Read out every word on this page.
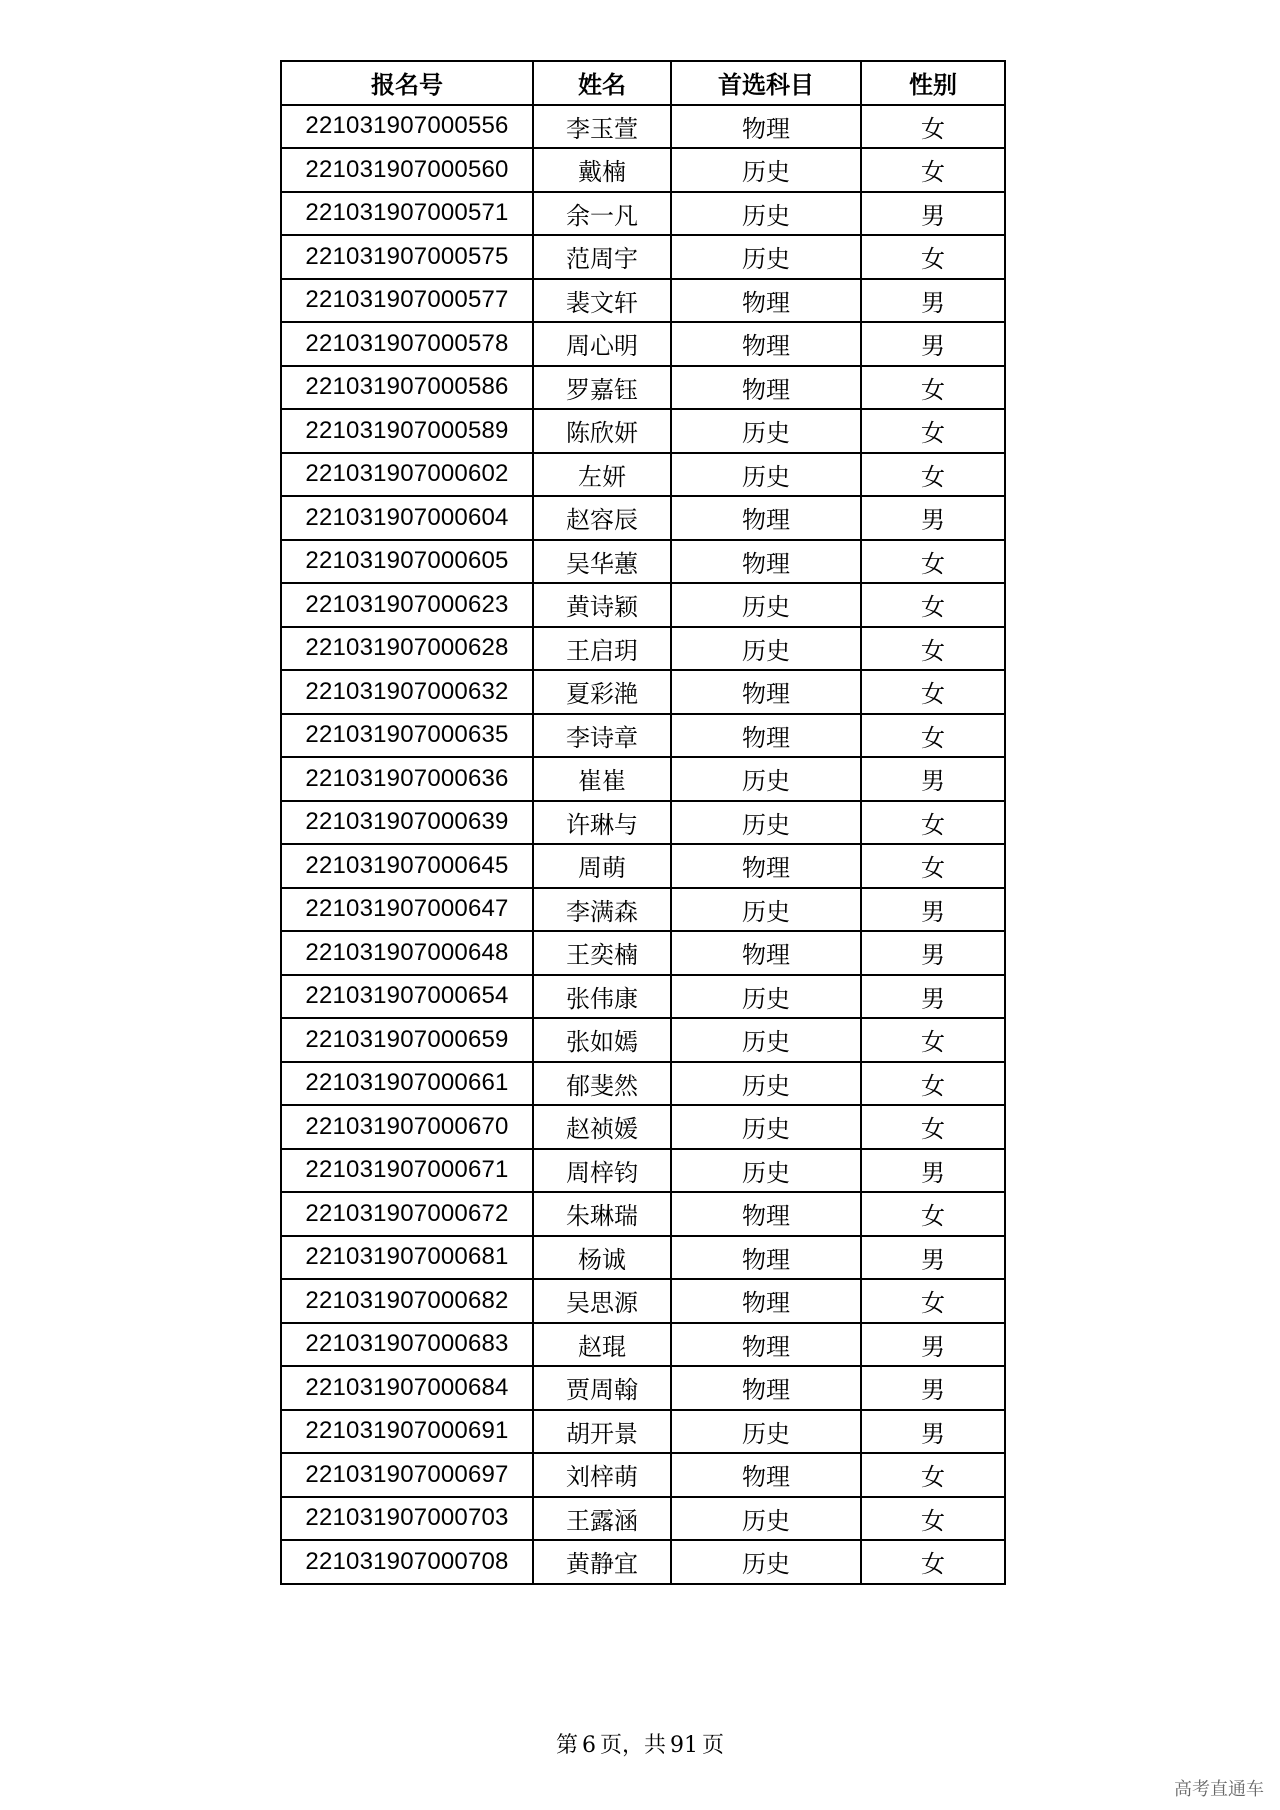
报名号	姓名	首选科目	性别
221031907000556	李玉萱	物理	女
221031907000560	戴楠	历史	女
221031907000571	余一凡	历史	男
221031907000575	范周宇	历史	女
221031907000577	裴文轩	物理	男
221031907000578	周心明	物理	男
221031907000586	罗嘉钰	物理	女
221031907000589	陈欣妍	历史	女
221031907000602	左妍	历史	女
221031907000604	赵容辰	物理	男
221031907000605	吴华蕙	物理	女
221031907000623	黄诗颖	历史	女
221031907000628	王启玥	历史	女
221031907000632	夏彩滟	物理	女
221031907000635	李诗章	物理	女
221031907000636	崔崔	历史	男
221031907000639	许琳与	历史	女
221031907000645	周萌	物理	女
221031907000647	李满森	历史	男
221031907000648	王奕楠	物理	男
221031907000654	张伟康	历史	男
221031907000659	张如嫣	历史	女
221031907000661	郁斐然	历史	女
221031907000670	赵祯媛	历史	女
221031907000671	周梓钧	历史	男
221031907000672	朱琳瑞	物理	女
221031907000681	杨诚	物理	男
221031907000682	吴思源	物理	女
221031907000683	赵琨	物理	男
221031907000684	贾周翰	物理	男
221031907000691	胡开景	历史	男
221031907000697	刘梓萌	物理	女
221031907000703	王露涵	历史	女
221031907000708	黄静宜	历史	女
第 6 页，共 91 页
高考直通车
